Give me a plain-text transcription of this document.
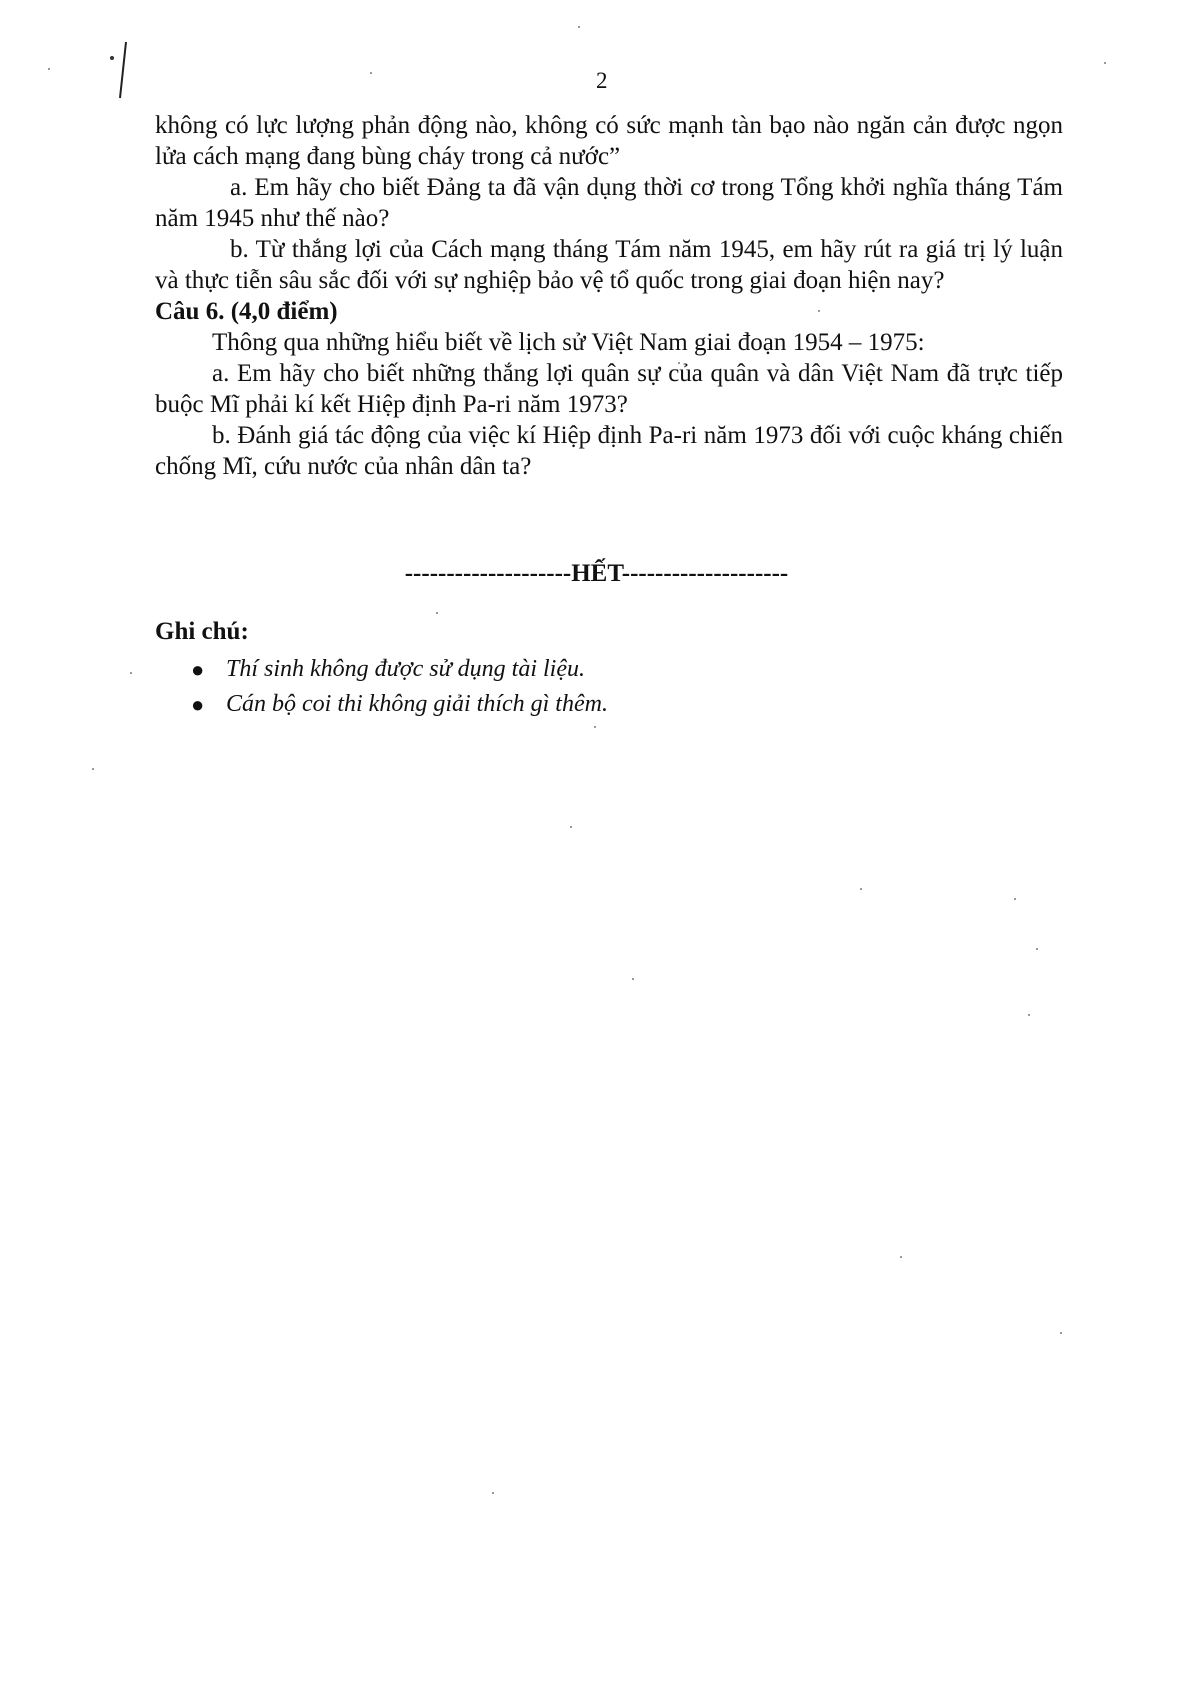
2

không có lực lượng phản động nào, không có sức mạnh tàn bạo nào ngăn cản được ngọn lửa cách mạng đang bùng cháy trong cả nước”

a. Em hãy cho biết Đảng ta đã vận dụng thời cơ trong Tổng khởi nghĩa tháng Tám năm 1945 như thế nào?

b. Từ thắng lợi của Cách mạng tháng Tám năm 1945, em hãy rút ra giá trị lý luận và thực tiễn sâu sắc đối với sự nghiệp bảo vệ tổ quốc trong giai đoạn hiện nay?

Câu 6. (4,0 điểm)

Thông qua những hiểu biết về lịch sử Việt Nam giai đoạn 1954 – 1975:

a. Em hãy cho biết những thắng lợi quân sự của quân và dân Việt Nam đã trực tiếp buộc Mĩ phải kí kết Hiệp định Pa-ri năm 1973?

b. Đánh giá tác động của việc kí Hiệp định Pa-ri năm 1973 đối với cuộc kháng chiến chống Mĩ, cứu nước của nhân dân ta?

--------------------HẾT--------------------
Ghi chú:
● Thí sinh không được sử dụng tài liệu.
● Cán bộ coi thi không giải thích gì thêm.
